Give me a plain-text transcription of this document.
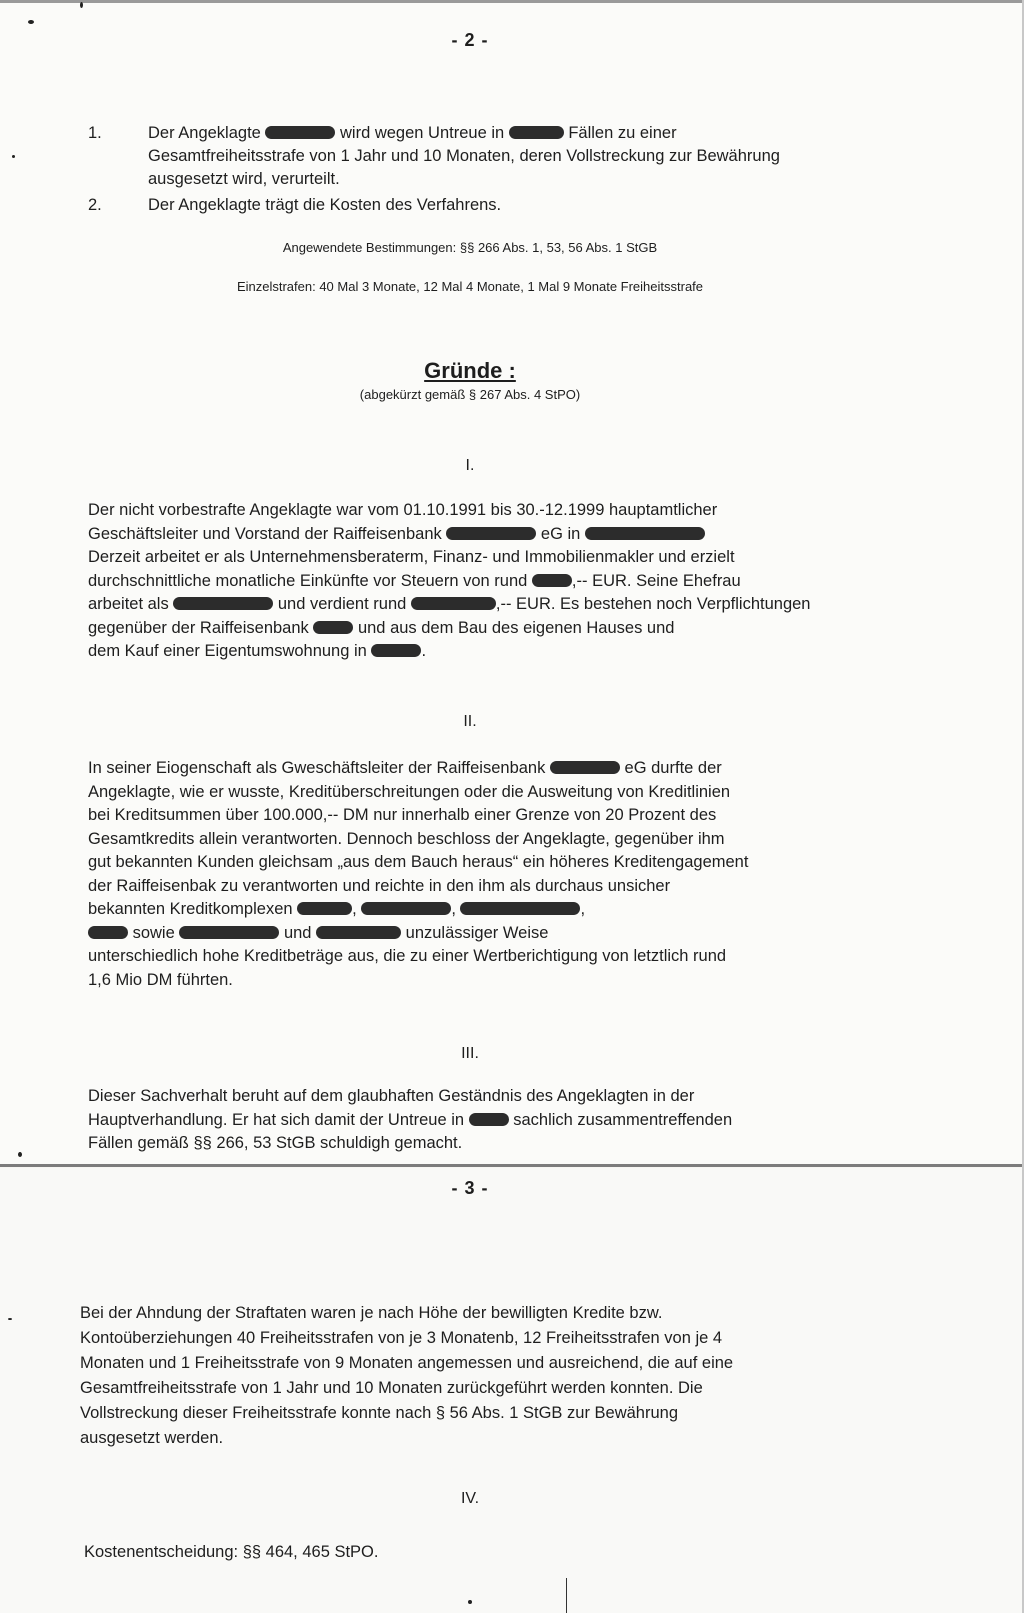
- 2 -
1.	Der Angeklagte	wird wegen Untreue in	Fällen zu einer Gesamtfreiheitsstrafe von 1 Jahr und 10 Monaten, deren Vollstreckung zur Bewährung ausgesetzt wird, verurteilt.
2.	Der Angeklagte trägt die Kosten des Verfahrens.
Angewendete Bestimmungen: §§ 266 Abs. 1, 53, 56 Abs. 1 StGB
Einzelstrafen: 40 Mal 3 Monate, 12 Mal 4 Monate, 1 Mal 9 Monate Freiheitsstrafe
Gründe :
(abgekürzt gemäß § 267 Abs. 4 StPO)
I.
Der nicht vorbestrafte Angeklagte war vom 01.10.1991 bis 30.-12.1999 hauptamtlicher
Geschäftsleiter und Vorstand der Raiffeisenbank	eG in
Derzeit arbeitet er als Unternehmensberaterm, Finanz- und Immobilienmakler und erzielt
durchschnittliche monatliche Einkünfte vor Steuern von rund ,-- EUR. Seine Ehefrau
arbeitet als	und verdient rund	,-- EUR. Es bestehen noch Verpflichtungen
gegenüber der Raiffeisenbank  und aus dem Bau des eigenen Hauses und
dem Kauf einer Eigentumswohnung in	.
II.
In seiner Eiogenschaft als Gweschäftsleiter der Raiffeisenbank	eG durfte der
Angeklagte, wie er wusste, Kreditüberschreitungen oder die Ausweitung von Kreditlinien
bei Kreditsummen über 100.000,-- DM nur innerhalb einer Grenze von 20 Prozent des
Gesamtkredits allein verantworten. Dennoch beschloss der Angeklagte, gegenüber ihm
gut bekannten Kunden gleichsam „aus dem Bauch heraus“ ein höheres Kreditengagement
der Raiffeisenbak zu verantworten und reichte in den ihm als durchaus unsicher
bekannten Kreditkomplexen	,	,	,
sowie	und	unzulässiger Weise
unterschiedlich hohe Kreditbeträge aus, die zu einer Wertberichtigung von letztlich rund
1,6 Mio DM führten.
III.
Dieser Sachverhalt beruht auf dem glaubhaften Geständnis des Angeklagten in der
Hauptverhandlung. Er hat sich damit der Untreue in  sachlich zusammentreffenden
Fällen gemäß §§ 266, 53 StGB schuldigh gemacht.
- 3 -
Bei der Ahndung der Straftaten waren je nach Höhe der bewilligten Kredite bzw.
Kontoüberziehungen 40 Freiheitsstrafen von je 3 Monatenb, 12 Freiheitsstrafen von je 4
Monaten und 1 Freiheitsstrafe von 9 Monaten angemessen und ausreichend, die auf eine
Gesamtfreiheitsstrafe von 1 Jahr und 10 Monaten zurückgeführt werden konnten. Die
Vollstreckung dieser Freiheitsstrafe konnte nach § 56 Abs. 1 StGB zur Bewährung
ausgesetzt werden.
IV.
Kostenentscheidung: §§ 464, 465 StPO.
